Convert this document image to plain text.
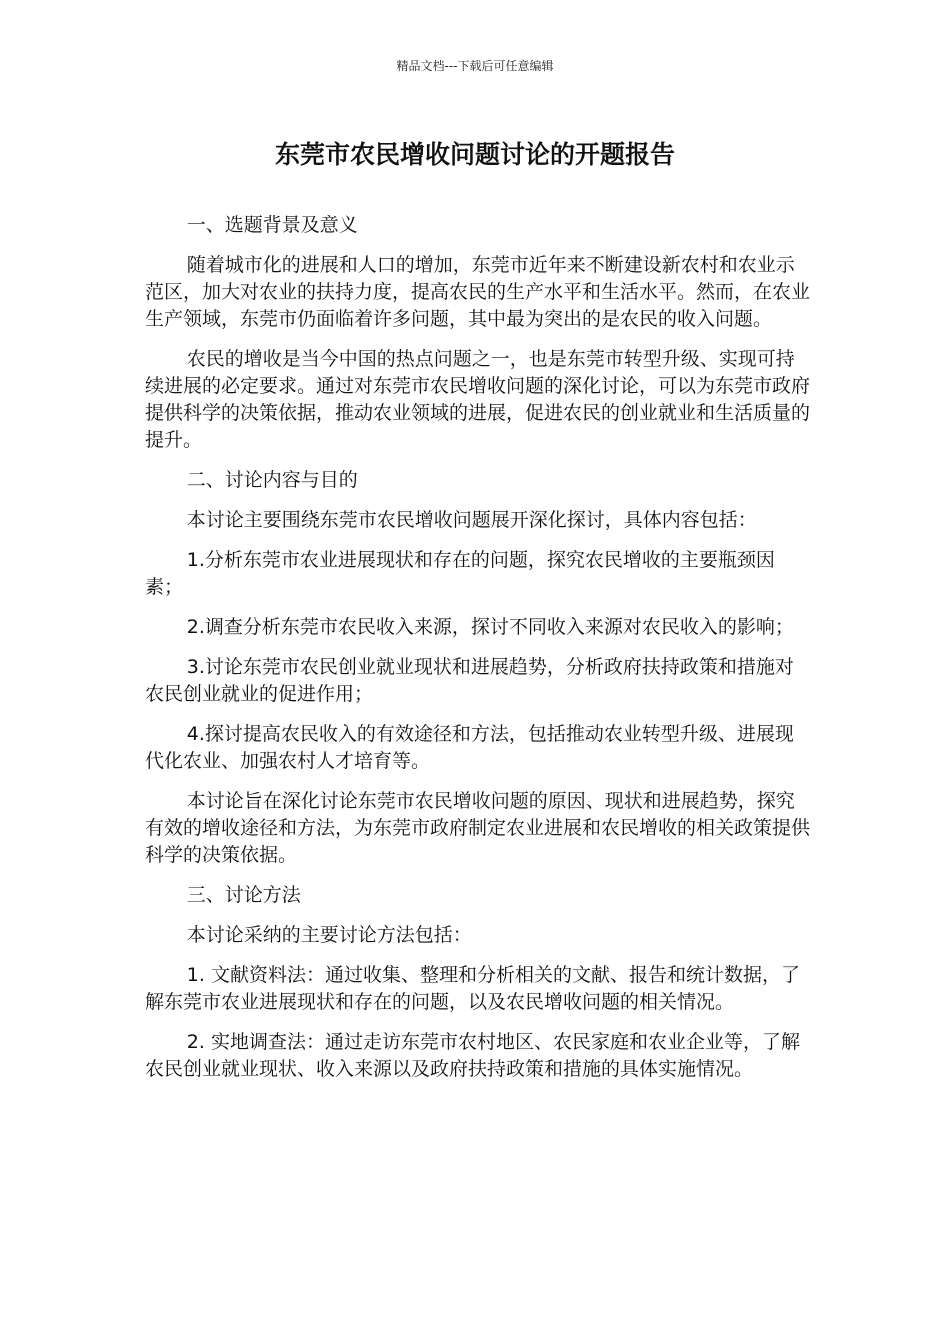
精品文档---下载后可任意编辑
东莞市农民增收问题讨论的开题报告

一、选题背景及意义

随着城市化的进展和人口的增加，东莞市近年来不断建设新农村和农业示范区，加大对农业的扶持力度，提高农民的生产水平和生活水平。然而，在农业生产领域，东莞市仍面临着许多问题，其中最为突出的是农民的收入问题。

农民的增收是当今中国的热点问题之一，也是东莞市转型升级、实现可持续进展的必定要求。通过对东莞市农民增收问题的深化讨论，可以为东莞市政府提供科学的决策依据，推动农业领域的进展，促进农民的创业就业和生活质量的提升。

二、讨论内容与目的

本讨论主要围绕东莞市农民增收问题展开深化探讨，具体内容包括：

1.分析东莞市农业进展现状和存在的问题，探究农民增收的主要瓶颈因素；

2.调查分析东莞市农民收入来源，探讨不同收入来源对农民收入的影响；

3.讨论东莞市农民创业就业现状和进展趋势，分析政府扶持政策和措施对农民创业就业的促进作用；

4.探讨提高农民收入的有效途径和方法，包括推动农业转型升级、进展现代化农业、加强农村人才培育等。

本讨论旨在深化讨论东莞市农民增收问题的原因、现状和进展趋势，探究有效的增收途径和方法，为东莞市政府制定农业进展和农民增收的相关政策提供科学的决策依据。

三、讨论方法

本讨论采纳的主要讨论方法包括：

1. 文献资料法：通过收集、整理和分析相关的文献、报告和统计数据，了解东莞市农业进展现状和存在的问题，以及农民增收问题的相关情况。

2. 实地调查法：通过走访东莞市农村地区、农民家庭和农业企业等，了解农民创业就业现状、收入来源以及政府扶持政策和措施的具体实施情况。
